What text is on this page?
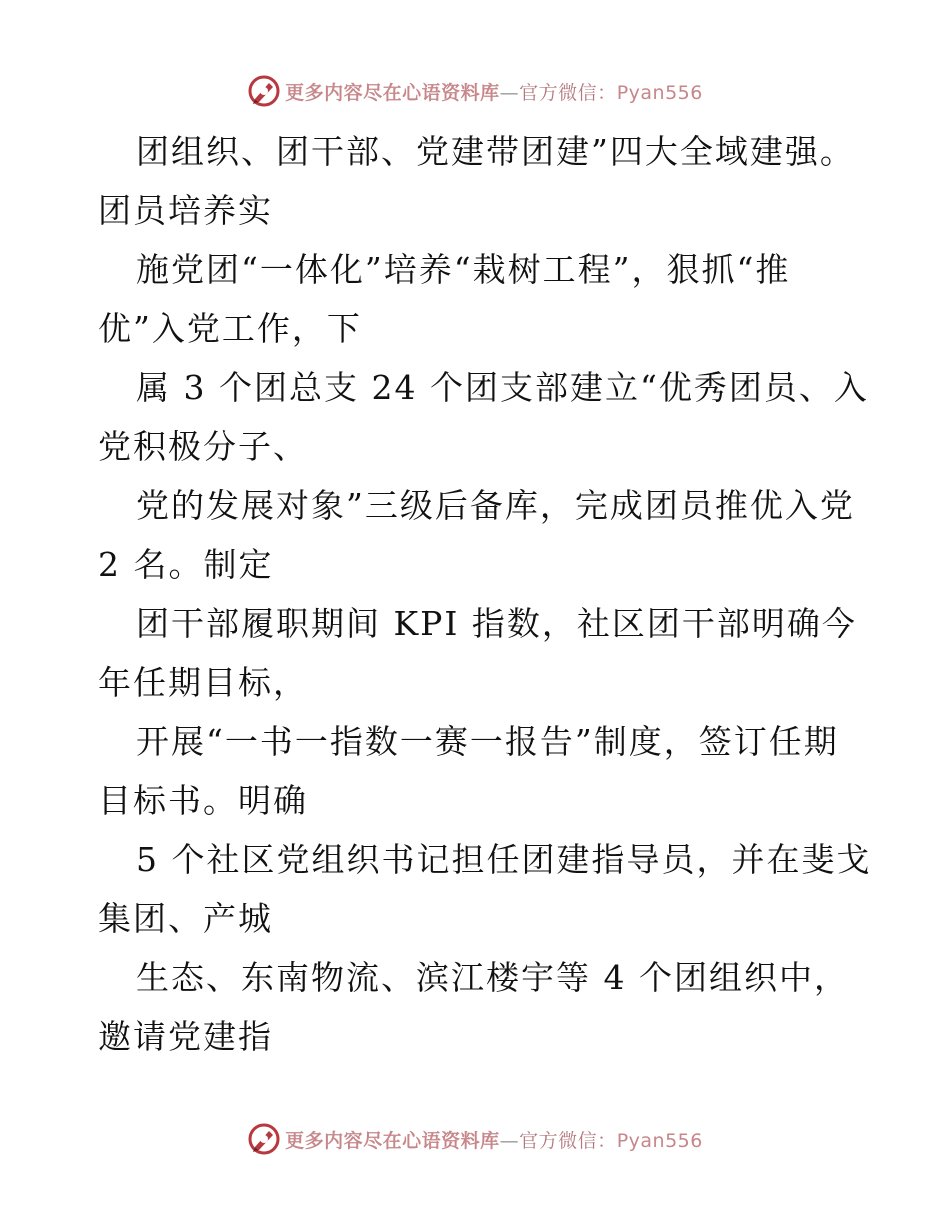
更多内容尽在心语资料库—官方微信：Pyan556
团组织、团干部、党建带团建”四大全域建强。
团员培养实
施党团“一体化”培养“栽树工程”，狠抓“推
优”入党工作，下
属 3 个团总支 24 个团支部建立“优秀团员、入
党积极分子、
党的发展对象”三级后备库，完成团员推优入党
2 名。制定
团干部履职期间 KPI 指数，社区团干部明确今
年任期目标，
开展“一书一指数一赛一报告”制度，签订任期
目标书。明确
5 个社区党组织书记担任团建指导员，并在斐戈
集团、产城
生态、东南物流、滨江楼宇等 4 个团组织中，
邀请党建指
更多内容尽在心语资料库—官方微信：Pyan556
